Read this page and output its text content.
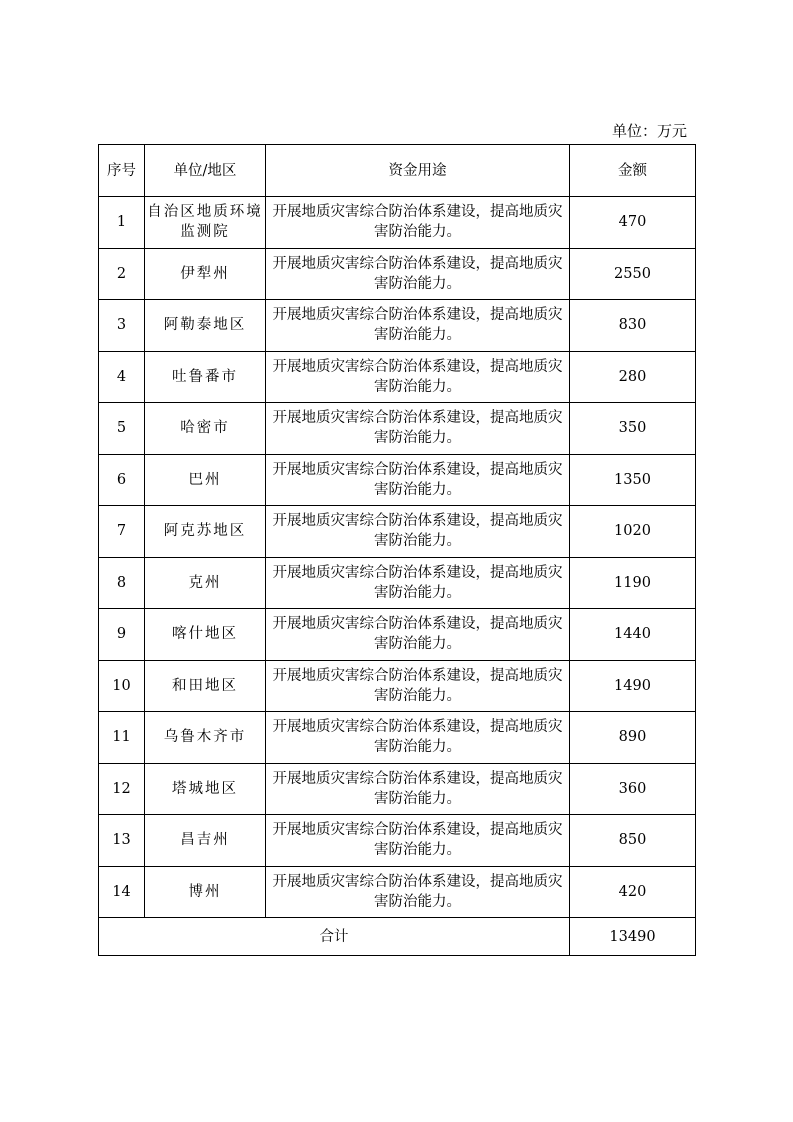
单位：万元
序号	单位/地区	资金用途	金额
1	自治区地质环境监测院	开展地质灾害综合防治体系建设，提高地质灾害防治能力。	470
2	伊犁州	开展地质灾害综合防治体系建设，提高地质灾害防治能力。	2550
3	阿勒泰地区	开展地质灾害综合防治体系建设，提高地质灾害防治能力。	830
4	吐鲁番市	开展地质灾害综合防治体系建设，提高地质灾害防治能力。	280
5	哈密市	开展地质灾害综合防治体系建设，提高地质灾害防治能力。	350
6	巴州	开展地质灾害综合防治体系建设，提高地质灾害防治能力。	1350
7	阿克苏地区	开展地质灾害综合防治体系建设，提高地质灾害防治能力。	1020
8	克州	开展地质灾害综合防治体系建设，提高地质灾害防治能力。	1190
9	喀什地区	开展地质灾害综合防治体系建设，提高地质灾害防治能力。	1440
10	和田地区	开展地质灾害综合防治体系建设，提高地质灾害防治能力。	1490
11	乌鲁木齐市	开展地质灾害综合防治体系建设，提高地质灾害防治能力。	890
12	塔城地区	开展地质灾害综合防治体系建设，提高地质灾害防治能力。	360
13	昌吉州	开展地质灾害综合防治体系建设，提高地质灾害防治能力。	850
14	博州	开展地质灾害综合防治体系建设，提高地质灾害防治能力。	420
合计			13490
